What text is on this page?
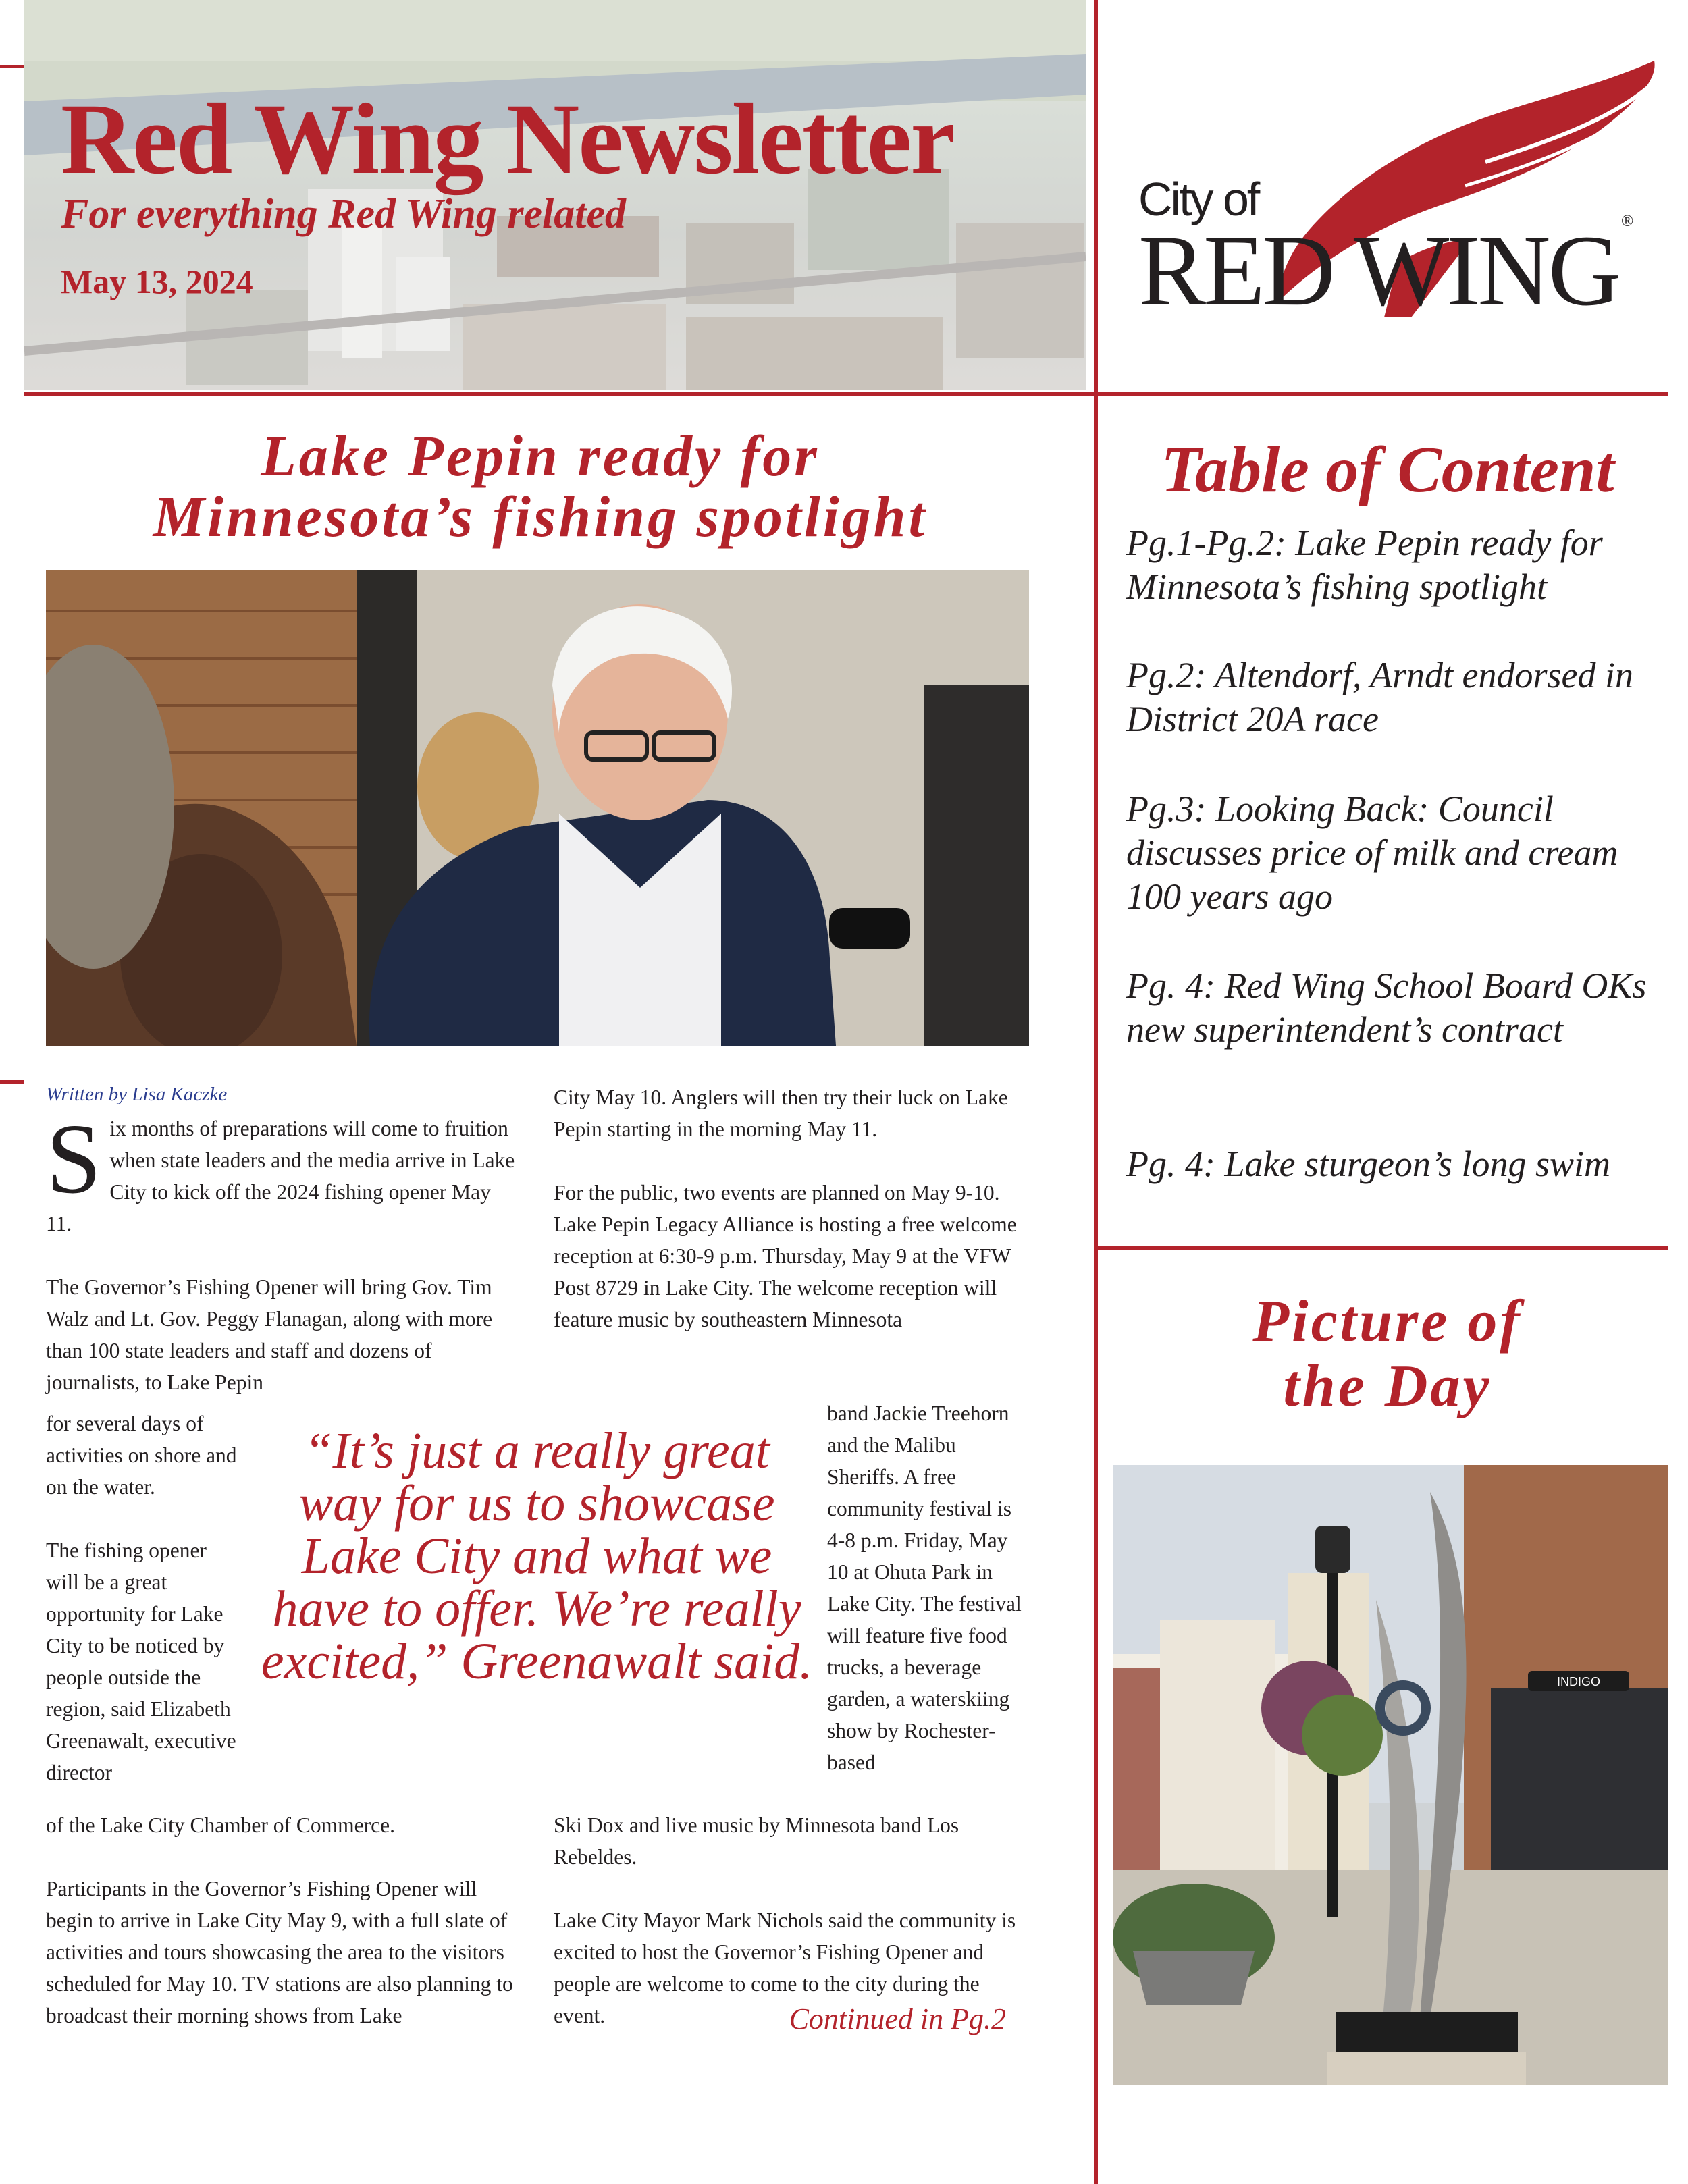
Red Wing Newsletter
For everything Red Wing related
May 13, 2024
City of
RED WING ®
Lake Pepin ready for
Minnesota’s fishing spotlight
Written by Lisa Kaczke

Six months of preparations will come to fruition when state leaders and the media arrive in Lake City to kick off the 2024 fishing opener May 11.

The Governor’s Fishing Opener will bring Gov. Tim Walz and Lt. Gov. Peggy Flanagan, along with more than 100 state leaders and staff and dozens of journalists, to Lake Pepin

for several days of activities on shore and on the water.

The fishing opener will be a great opportunity for Lake City to be noticed by people outside the region, said Elizabeth Greenawalt, executive director

of the Lake City Chamber of Commerce.

Participants in the Governor’s Fishing Opener will begin to arrive in Lake City May 9, with a full slate of activities and tours showcasing the area to the visitors scheduled for May 10. TV stations are also planning to broadcast their morning shows from Lake

City May 10. Anglers will then try their luck on Lake Pepin starting in the morning May 11.

For the public, two events are planned on May 9-10. Lake Pepin Legacy Alliance is hosting a free welcome reception at 6:30-9 p.m. Thursday, May 9 at the VFW Post 8729 in Lake City. The welcome reception will feature music by southeastern Minnesota

band Jackie Treehorn and the Malibu Sheriffs. A free community festival is 4-8 p.m. Friday, May 10 at Ohuta Park in Lake City. The festival will feature five food trucks, a beverage garden, a waterskiing show by Rochester-based

Ski Dox and live music by Minnesota band Los Rebeldes.

Lake City Mayor Mark Nichols said the community is excited to host the Governor’s Fishing Opener and people are welcome to come to the city during the event.

“It’s just a really great way for us to showcase Lake City and what we have to offer. We’re really excited,” Greenawalt said.
Continued in Pg.2
Table of Content
Pg.1-Pg.2: Lake Pepin ready for Minnesota’s fishing spotlight
Pg.2: Altendorf, Arndt endorsed in District 20A race
Pg.3: Looking Back: Council discusses price of milk and cream 100 years ago
Pg. 4: Red Wing School Board OKs new superintendent’s contract
Pg. 4: Lake sturgeon’s long swim
Picture of
the Day
INDIGO
